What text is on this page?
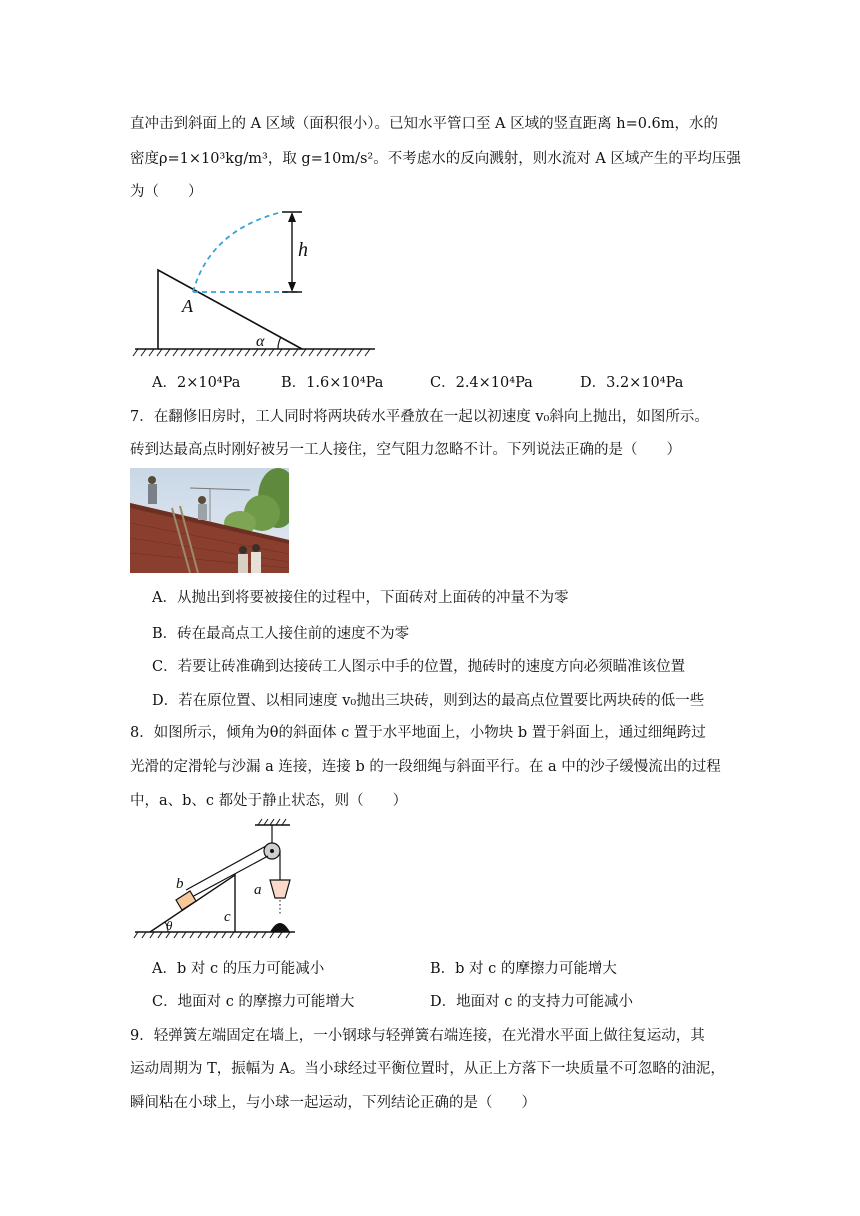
直冲击到斜面上的 A 区域（面积很小）。已知水平管口至 A 区域的竖直距离 h=0.6m，水的
密度ρ=1×10³kg/m³，取 g=10m/s²。不考虑水的反向溅射，则水流对 A 区域产生的平均压强
为（　　）
h
A
α
A．2×10⁴Pa	B．1.6×10⁴Pa	C．2.4×10⁴Pa	D．3.2×10⁴Pa
7．在翻修旧房时，工人同时将两块砖水平叠放在一起以初速度 v₀斜向上抛出，如图所示。
砖到达最高点时刚好被另一工人接住，空气阻力忽略不计。下列说法正确的是（　　）
A．从抛出到将要被接住的过程中，下面砖对上面砖的冲量不为零
B．砖在最高点工人接住前的速度不为零
C．若要让砖准确到达接砖工人图示中手的位置，抛砖时的速度方向必须瞄准该位置
D．若在原位置、以相同速度 v₀抛出三块砖，则到达的最高点位置要比两块砖的低一些
8．如图所示，倾角为θ的斜面体 c 置于水平地面上，小物块 b 置于斜面上，通过细绳跨过
光滑的定滑轮与沙漏 a 连接，连接 b 的一段细绳与斜面平行。在 a 中的沙子缓慢流出的过程
中，a、b、c 都处于静止状态，则（　　）
b	a
c
θ
A．b 对 c 的压力可能减小	B．b 对 c 的摩擦力可能增大
C．地面对 c 的摩擦力可能增大	D．地面对 c 的支持力可能减小
9．轻弹簧左端固定在墙上，一小钢球与轻弹簧右端连接，在光滑水平面上做往复运动，其
运动周期为 T，振幅为 A。当小球经过平衡位置时，从正上方落下一块质量不可忽略的油泥，
瞬间粘在小球上，与小球一起运动，下列结论正确的是（　　）
